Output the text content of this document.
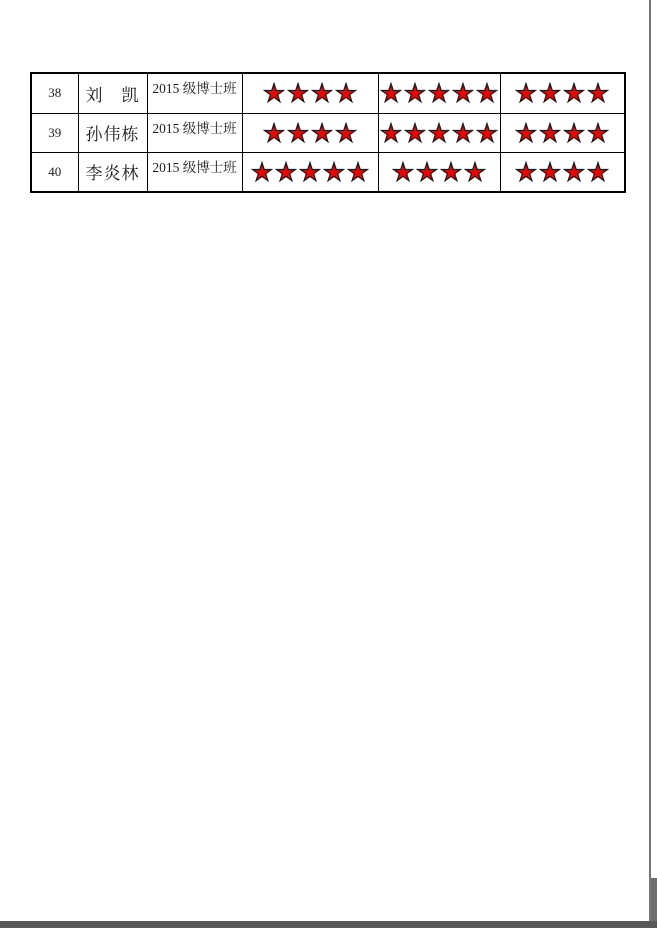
38	刘　凯	2015 级博士班	

39	孙伟栋	2015 级博士班	

40	李炎林	2015 级博士班	
